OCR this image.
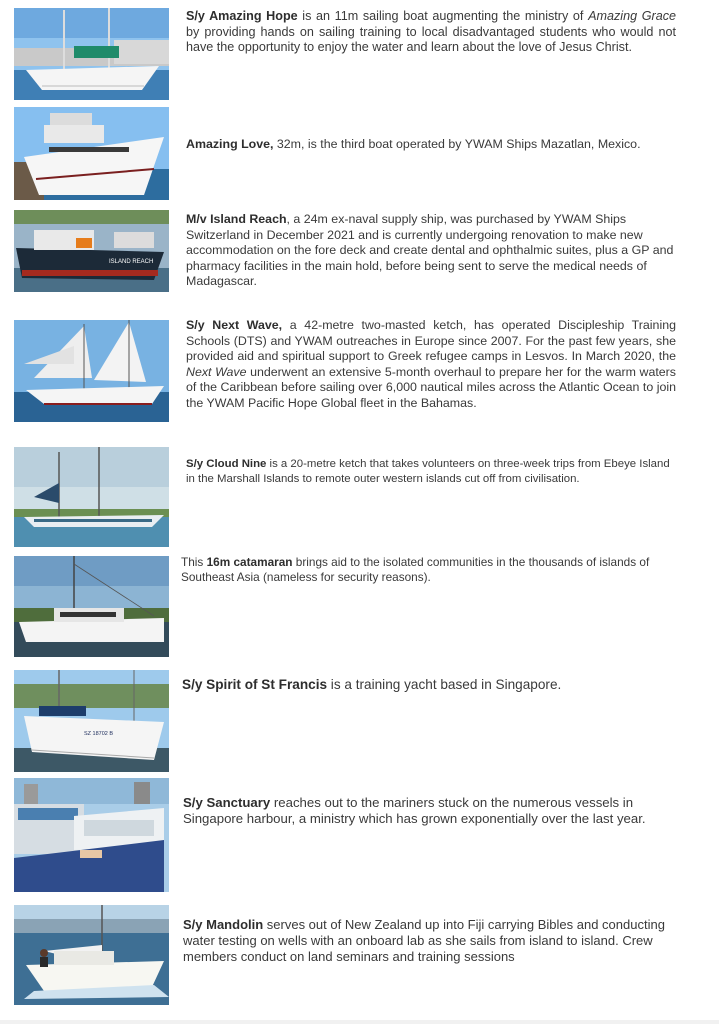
S/y Amazing Hope is an 11m sailing boat augmenting the ministry of Amazing Grace by providing hands on sailing training to local disadvantaged students who would not have the opportunity to enjoy the water and learn about the love of Jesus Christ.
Amazing Love, 32m, is the third boat operated by YWAM Ships Mazatlan, Mexico.
ISLAND REACH
M/v Island Reach, a 24m ex-naval supply ship, was purchased by YWAM Ships Switzerland in December 2021 and is currently undergoing renovation to make new accommodation on the fore deck and create dental and ophthalmic suites, plus a GP and pharmacy facilities in the main hold, before being sent to serve the medical needs of Madagascar.
S/y Next Wave, a 42-metre two-masted ketch, has operated Discipleship Training Schools (DTS) and YWAM outreaches in Europe since 2007. For the past few years, she provided aid and spiritual support to Greek refugee camps in Lesvos. In March 2020, the Next Wave underwent an extensive 5-month overhaul to prepare her for the warm waters of the Caribbean before sailing over 6,000 nautical miles across the Atlantic Ocean to join the YWAM Pacific Hope Global fleet in the Bahamas.
S/y Cloud Nine is a 20-metre ketch that takes volunteers on three-week trips from Ebeye Island in the Marshall Islands to remote outer western islands cut off from civilisation.
This 16m catamaran brings aid to the isolated communities in the thousands of islands of Southeast Asia (nameless for security reasons).
SZ 18702 B
S/y Spirit of St Francis is a training yacht based in Singapore.
S/y Sanctuary reaches out to the mariners stuck on the numerous vessels in Singapore harbour, a ministry which has grown exponentially over the last year.
S/y Mandolin serves out of New Zealand up into Fiji carrying Bibles and conducting water testing on wells with an onboard lab as she sails from island to island. Crew members conduct on land seminars and training sessions
